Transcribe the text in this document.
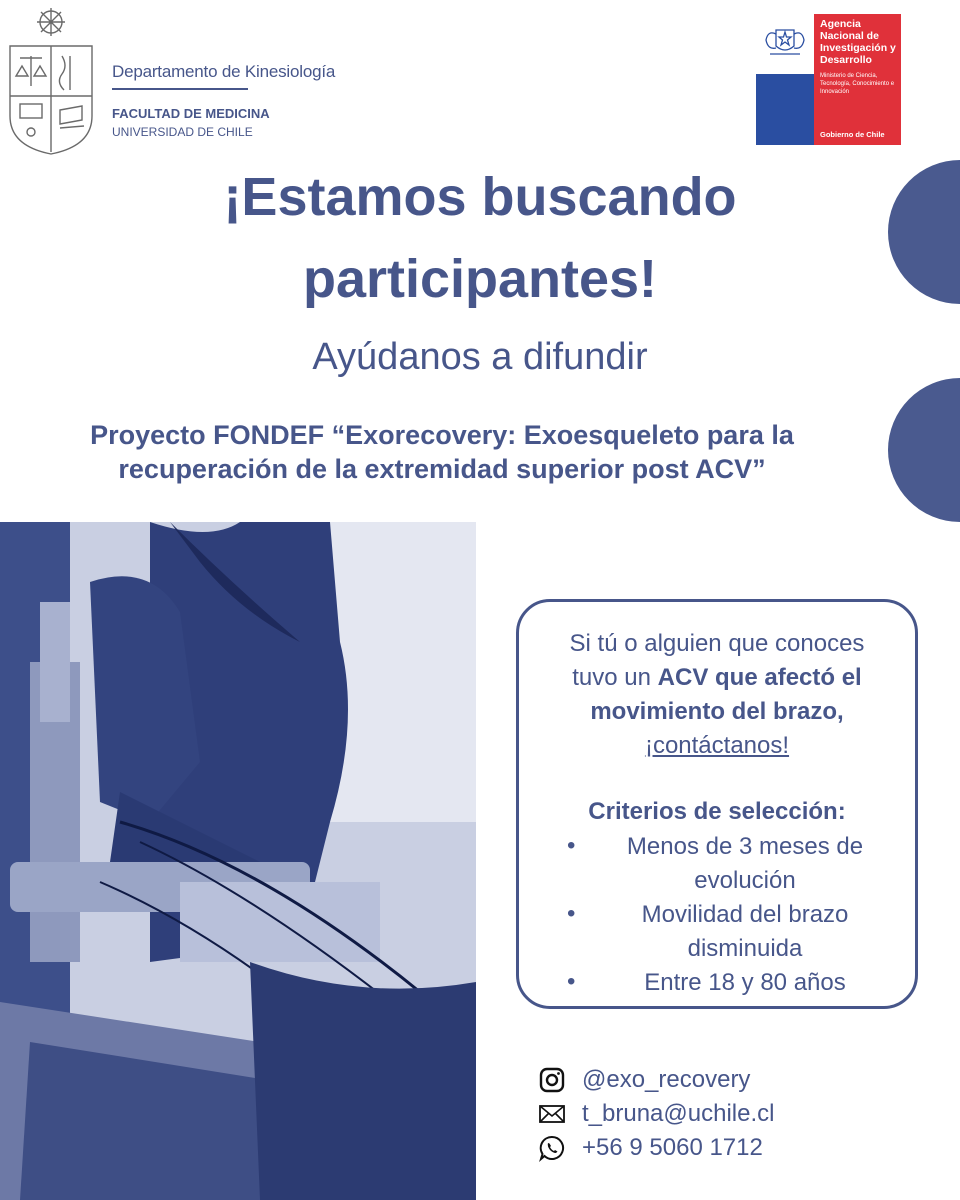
Departamento de Kinesiología
FACULTAD DE MEDICINA
UNIVERSIDAD DE CHILE
Agencia Nacional de Investigación y Desarrollo
Ministerio de Ciencia, Tecnología, Conocimiento e Innovación
Gobierno de Chile
¡Estamos buscando
participantes!
Ayúdanos a difundir
Proyecto FONDEF “Exorecovery: Exoesqueleto para la
recuperación de la extremidad superior post ACV”
Si tú o alguien que conoces
tuvo un ACV que afectó el
movimiento del brazo,
¡contáctanos!
Criterios de selección:
•	Menos de 3 meses de evolución
•	Movilidad del brazo disminuida
•	Entre 18 y 80 años
@exo_recovery
t_bruna@uchile.cl
+56 9 5060 1712
